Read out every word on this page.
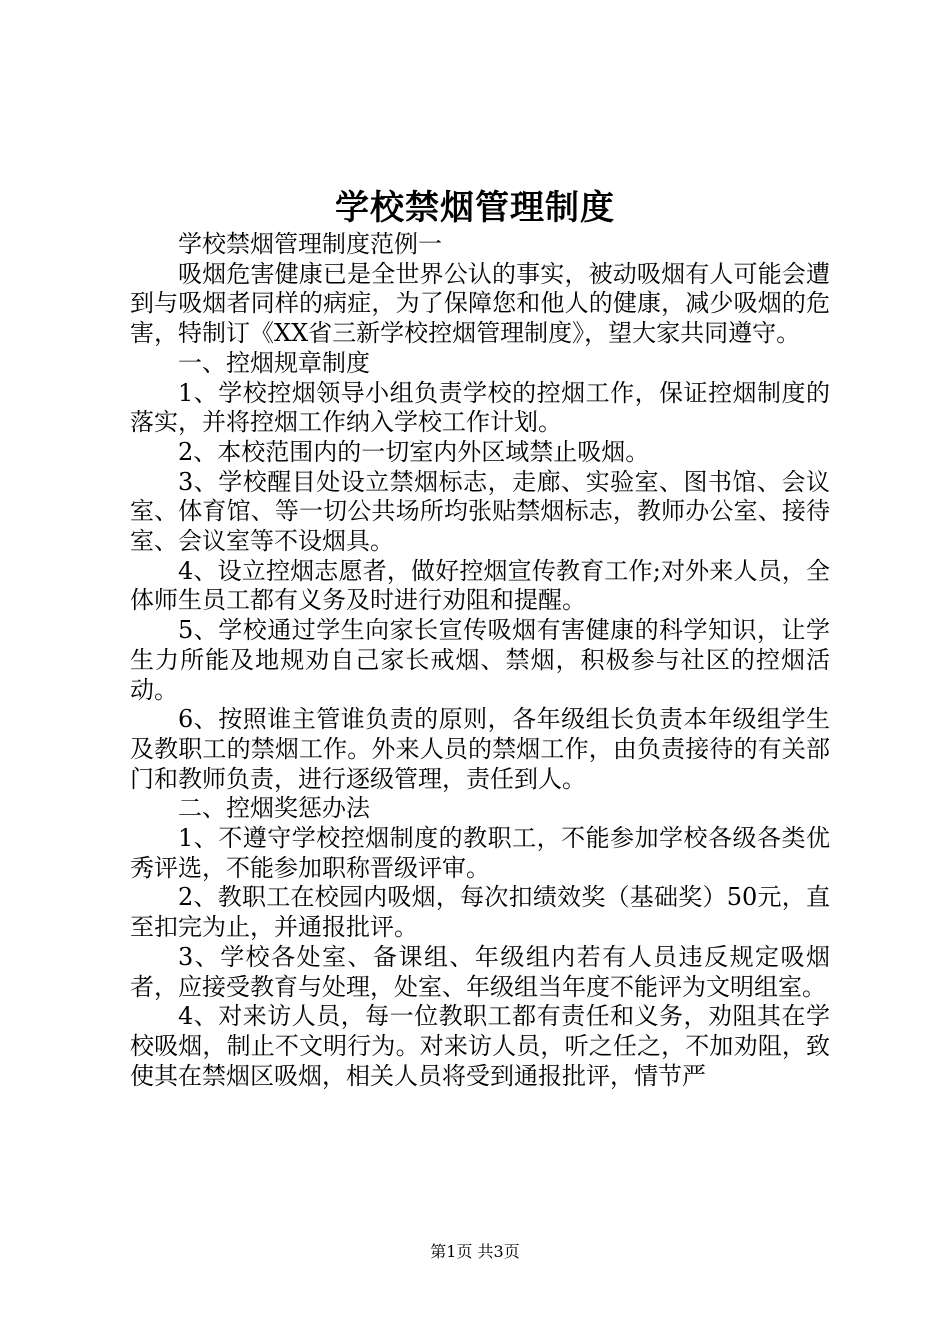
学校禁烟管理制度

学校禁烟管理制度范例一

吸烟危害健康已是全世界公认的事实，被动吸烟有人可能会遭到与吸烟者同样的病症，为了保障您和他人的健康，减少吸烟的危害，特制订《XX省三新学校控烟管理制度》，望大家共同遵守。

一、控烟规章制度

1、学校控烟领导小组负责学校的控烟工作，保证控烟制度的落实，并将控烟工作纳入学校工作计划。

2、本校范围内的一切室内外区域禁止吸烟。

3、学校醒目处设立禁烟标志，走廊、实验室、图书馆、会议室、体育馆、等一切公共场所均张贴禁烟标志，教师办公室、接待室、会议室等不设烟具。

4、设立控烟志愿者，做好控烟宣传教育工作;对外来人员，全体师生员工都有义务及时进行劝阻和提醒。

5、学校通过学生向家长宣传吸烟有害健康的科学知识，让学生力所能及地规劝自己家长戒烟、禁烟，积极参与社区的控烟活动。

6、按照谁主管谁负责的原则，各年级组长负责本年级组学生及教职工的禁烟工作。外来人员的禁烟工作，由负责接待的有关部门和教师负责，进行逐级管理，责任到人。

二、控烟奖惩办法

1、不遵守学校控烟制度的教职工，不能参加学校各级各类优秀评选，不能参加职称晋级评审。

2、教职工在校园内吸烟，每次扣绩效奖（基础奖）50元，直至扣完为止，并通报批评。

3、学校各处室、备课组、年级组内若有人员违反规定吸烟者，应接受教育与处理，处室、年级组当年度不能评为文明组室。

4、对来访人员，每一位教职工都有责任和义务，劝阻其在学校吸烟，制止不文明行为。对来访人员，听之任之，不加劝阻，致使其在禁烟区吸烟，相关人员将受到通报批评，情节严

第1页 共3页
